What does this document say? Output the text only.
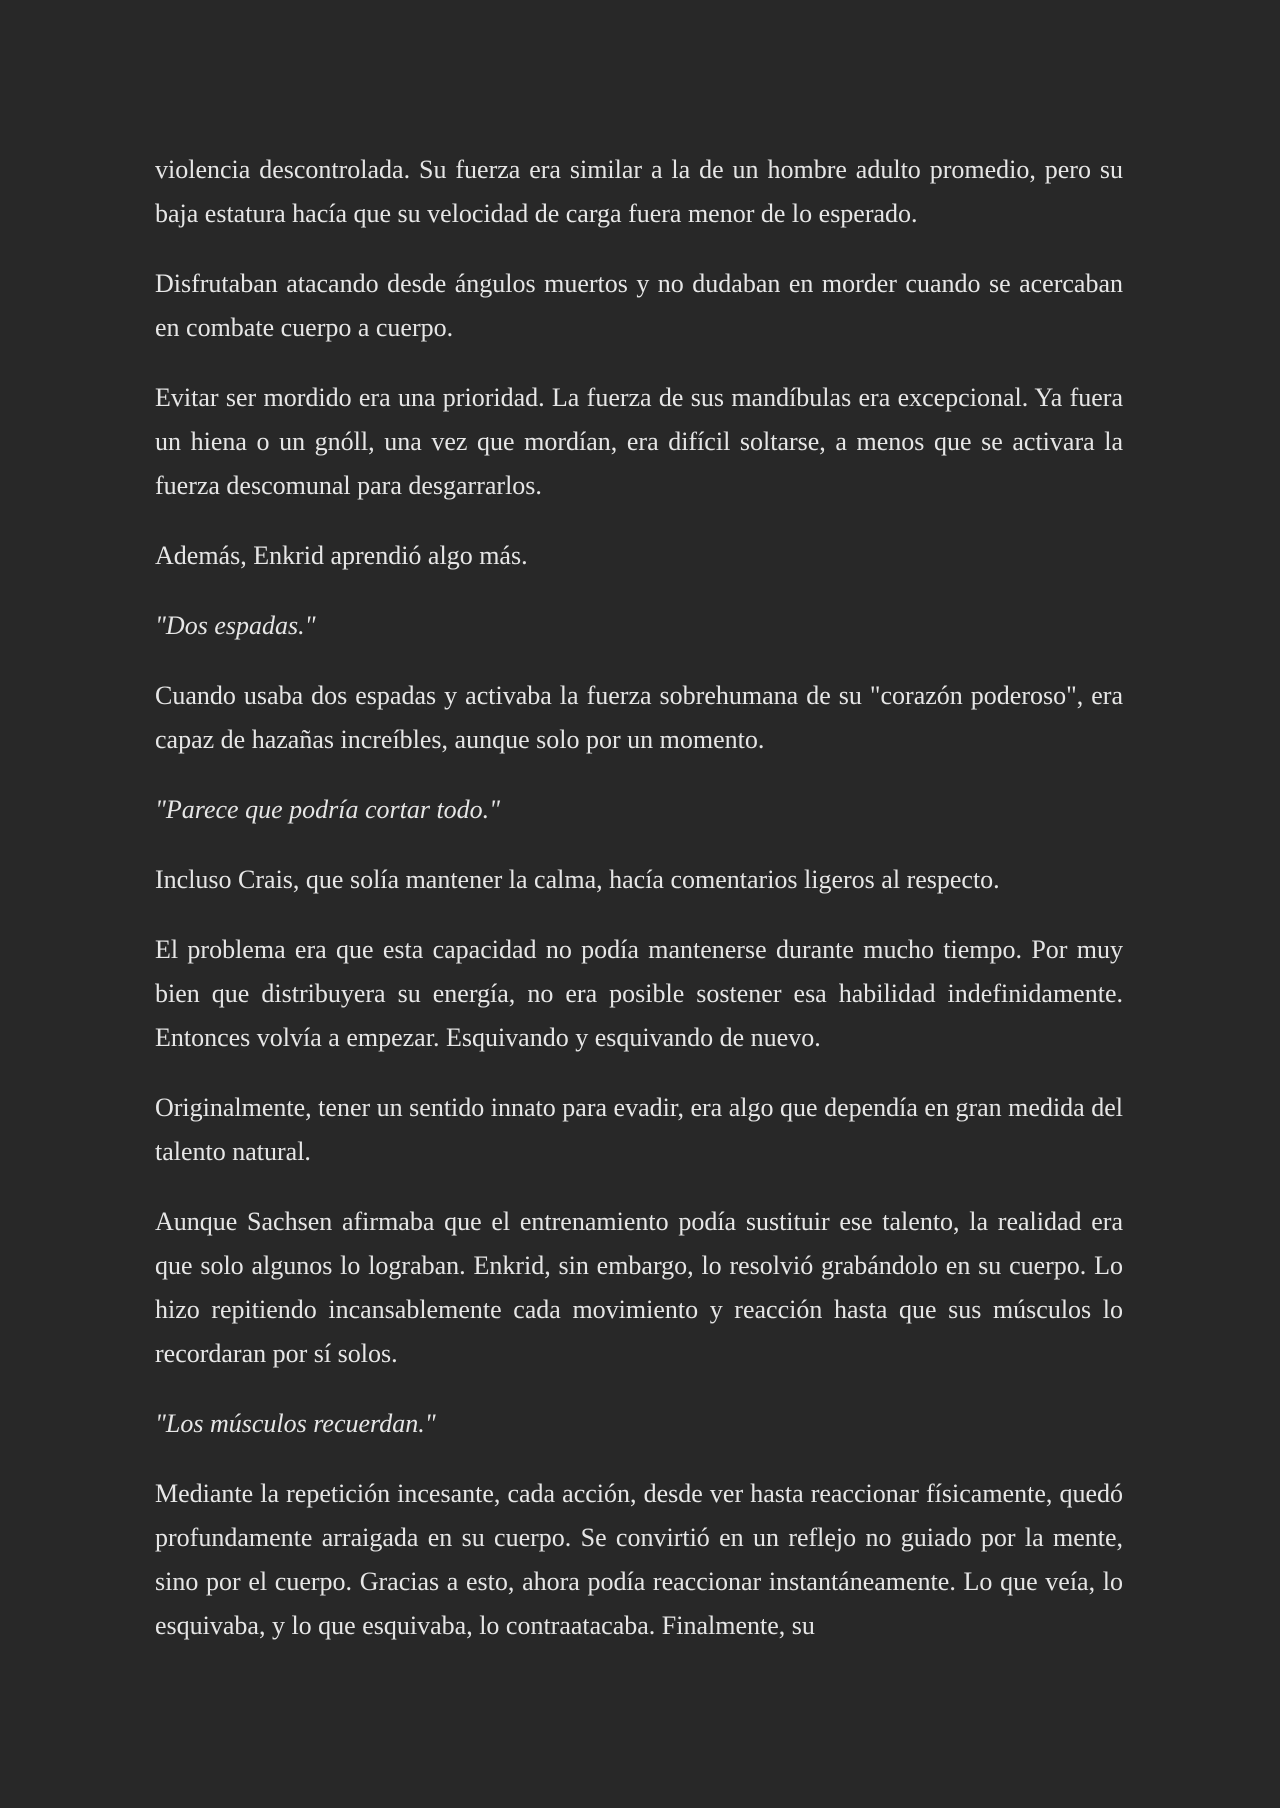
violencia descontrolada. Su fuerza era similar a la de un hombre adulto promedio, pero su baja estatura hacía que su velocidad de carga fuera menor de lo esperado.

Disfrutaban atacando desde ángulos muertos y no dudaban en morder cuando se acercaban en combate cuerpo a cuerpo.

Evitar ser mordido era una prioridad. La fuerza de sus mandíbulas era excepcional. Ya fuera un hiena o un gnóll, una vez que mordían, era difícil soltarse, a menos que se activara la fuerza descomunal para desgarrarlos.

Además, Enkrid aprendió algo más.

"Dos espadas."

Cuando usaba dos espadas y activaba la fuerza sobrehumana de su "corazón poderoso", era capaz de hazañas increíbles, aunque solo por un momento.

"Parece que podría cortar todo."

Incluso Crais, que solía mantener la calma, hacía comentarios ligeros al respecto.

El problema era que esta capacidad no podía mantenerse durante mucho tiempo. Por muy bien que distribuyera su energía, no era posible sostener esa habilidad indefinidamente. Entonces volvía a empezar. Esquivando y esquivando de nuevo.

Originalmente, tener un sentido innato para evadir, era algo que dependía en gran medida del talento natural.

Aunque Sachsen afirmaba que el entrenamiento podía sustituir ese talento, la realidad era que solo algunos lo lograban. Enkrid, sin embargo, lo resolvió grabándolo en su cuerpo. Lo hizo repitiendo incansablemente cada movimiento y reacción hasta que sus músculos lo recordaran por sí solos.

"Los músculos recuerdan."

Mediante la repetición incesante, cada acción, desde ver hasta reaccionar físicamente, quedó profundamente arraigada en su cuerpo. Se convirtió en un reflejo no guiado por la mente, sino por el cuerpo. Gracias a esto, ahora podía reaccionar instantáneamente. Lo que veía, lo esquivaba, y lo que esquivaba, lo contraatacaba. Finalmente, su
